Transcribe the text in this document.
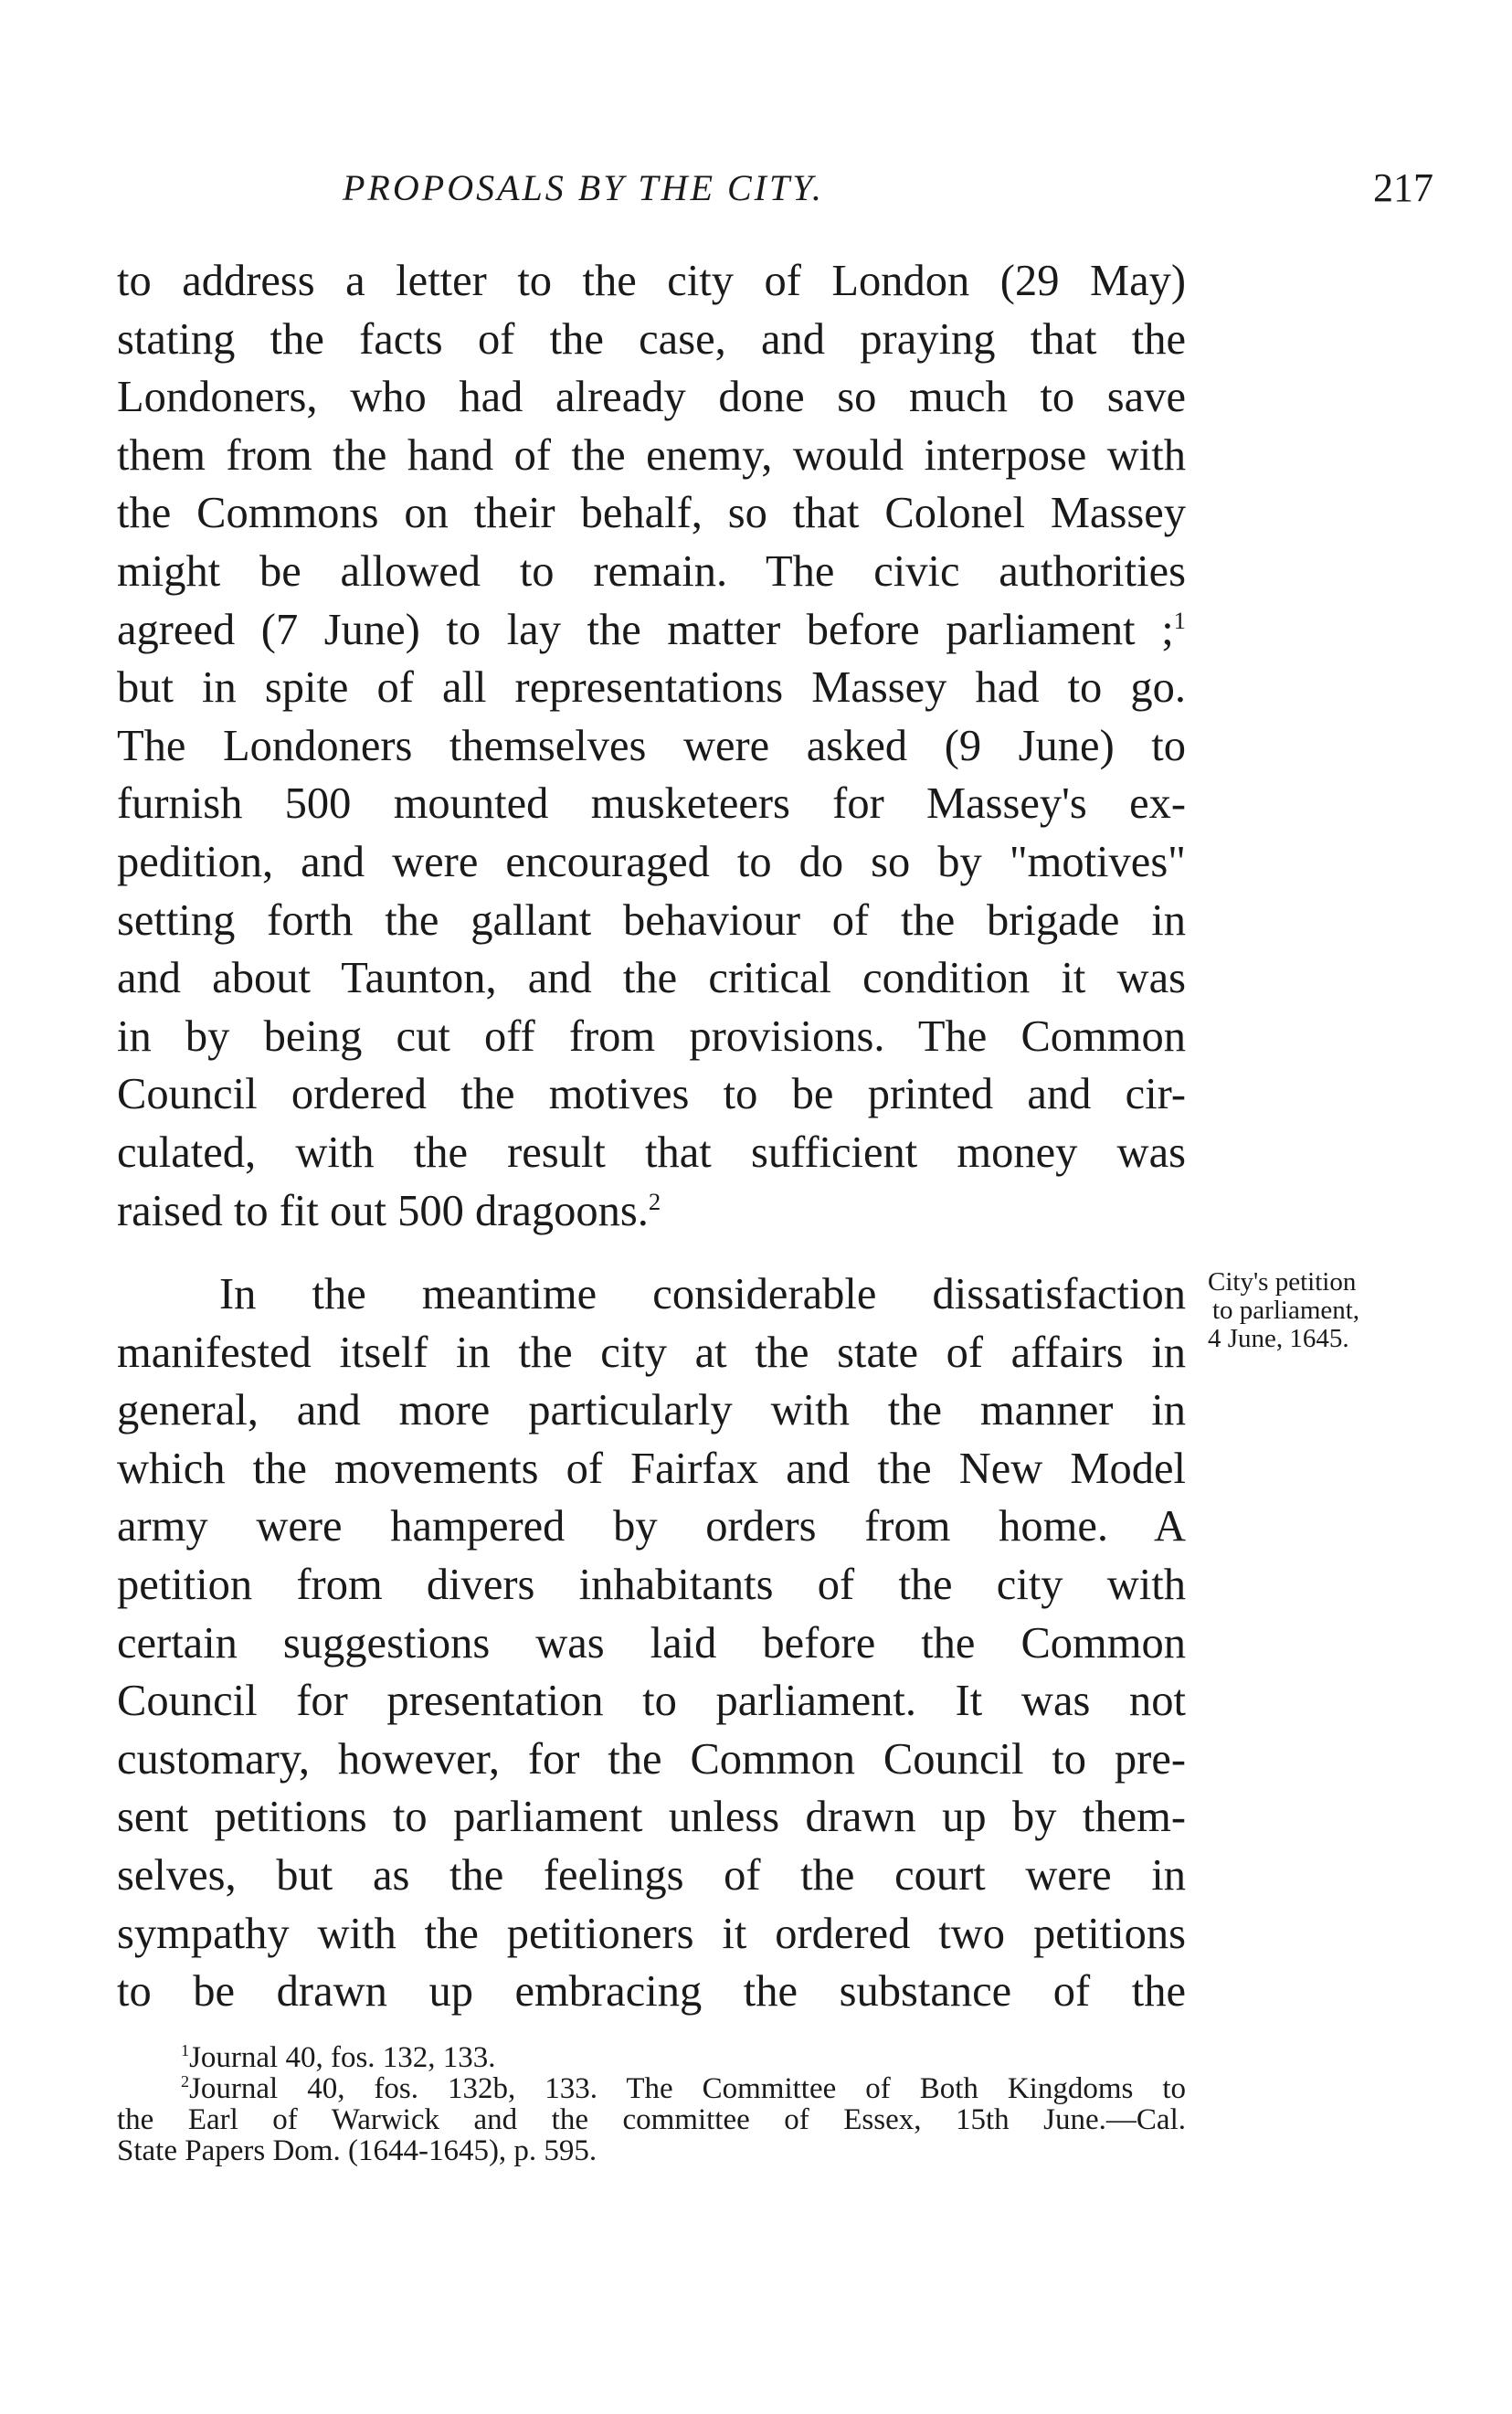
PROPOSALS BY THE CITY.	217
to address a letter to the city of London (29 May)
stating the facts of the case, and praying that the
Londoners, who had already done so much to save
them from the hand of the enemy, would interpose with
the Commons on their behalf, so that Colonel Massey
might be allowed to remain. The civic authorities
agreed (7 June) to lay the matter before parliament ;$^1$
but in spite of all representations Massey had to go.
The Londoners themselves were asked (9 June) to
furnish 500 mounted musketeers for Massey's ex-
pedition, and were encouraged to do so by "motives"
setting forth the gallant behaviour of the brigade in
and about Taunton, and the critical condition it was
in by being cut off from provisions. The Common
Council ordered the motives to be printed and cir-
culated, with the result that sufficient money was
raised to fit out 500 dragoons.$^2$
In the meantime considerable dissatisfaction
manifested itself in the city at the state of affairs in
general, and more particularly with the manner in
which the movements of Fairfax and the New Model
army were hampered by orders from home. A
petition from divers inhabitants of the city with
certain suggestions was laid before the Common
Council for presentation to parliament. It was not
customary, however, for the Common Council to pre-
sent petitions to parliament unless drawn up by them-
selves, but as the feelings of the court were in
sympathy with the petitioners it ordered two petitions
to be drawn up embracing the substance of the
City's petition
to parliament,
4 June, 1645.
$^1$Journal 40, fos. 132, 133.
$^2$Journal 40, fos. 132b, 133. The Committee of Both Kingdoms to
the Earl of Warwick and the committee of Essex, 15th June.—Cal.
State Papers Dom. (1644-1645), p. 595.
